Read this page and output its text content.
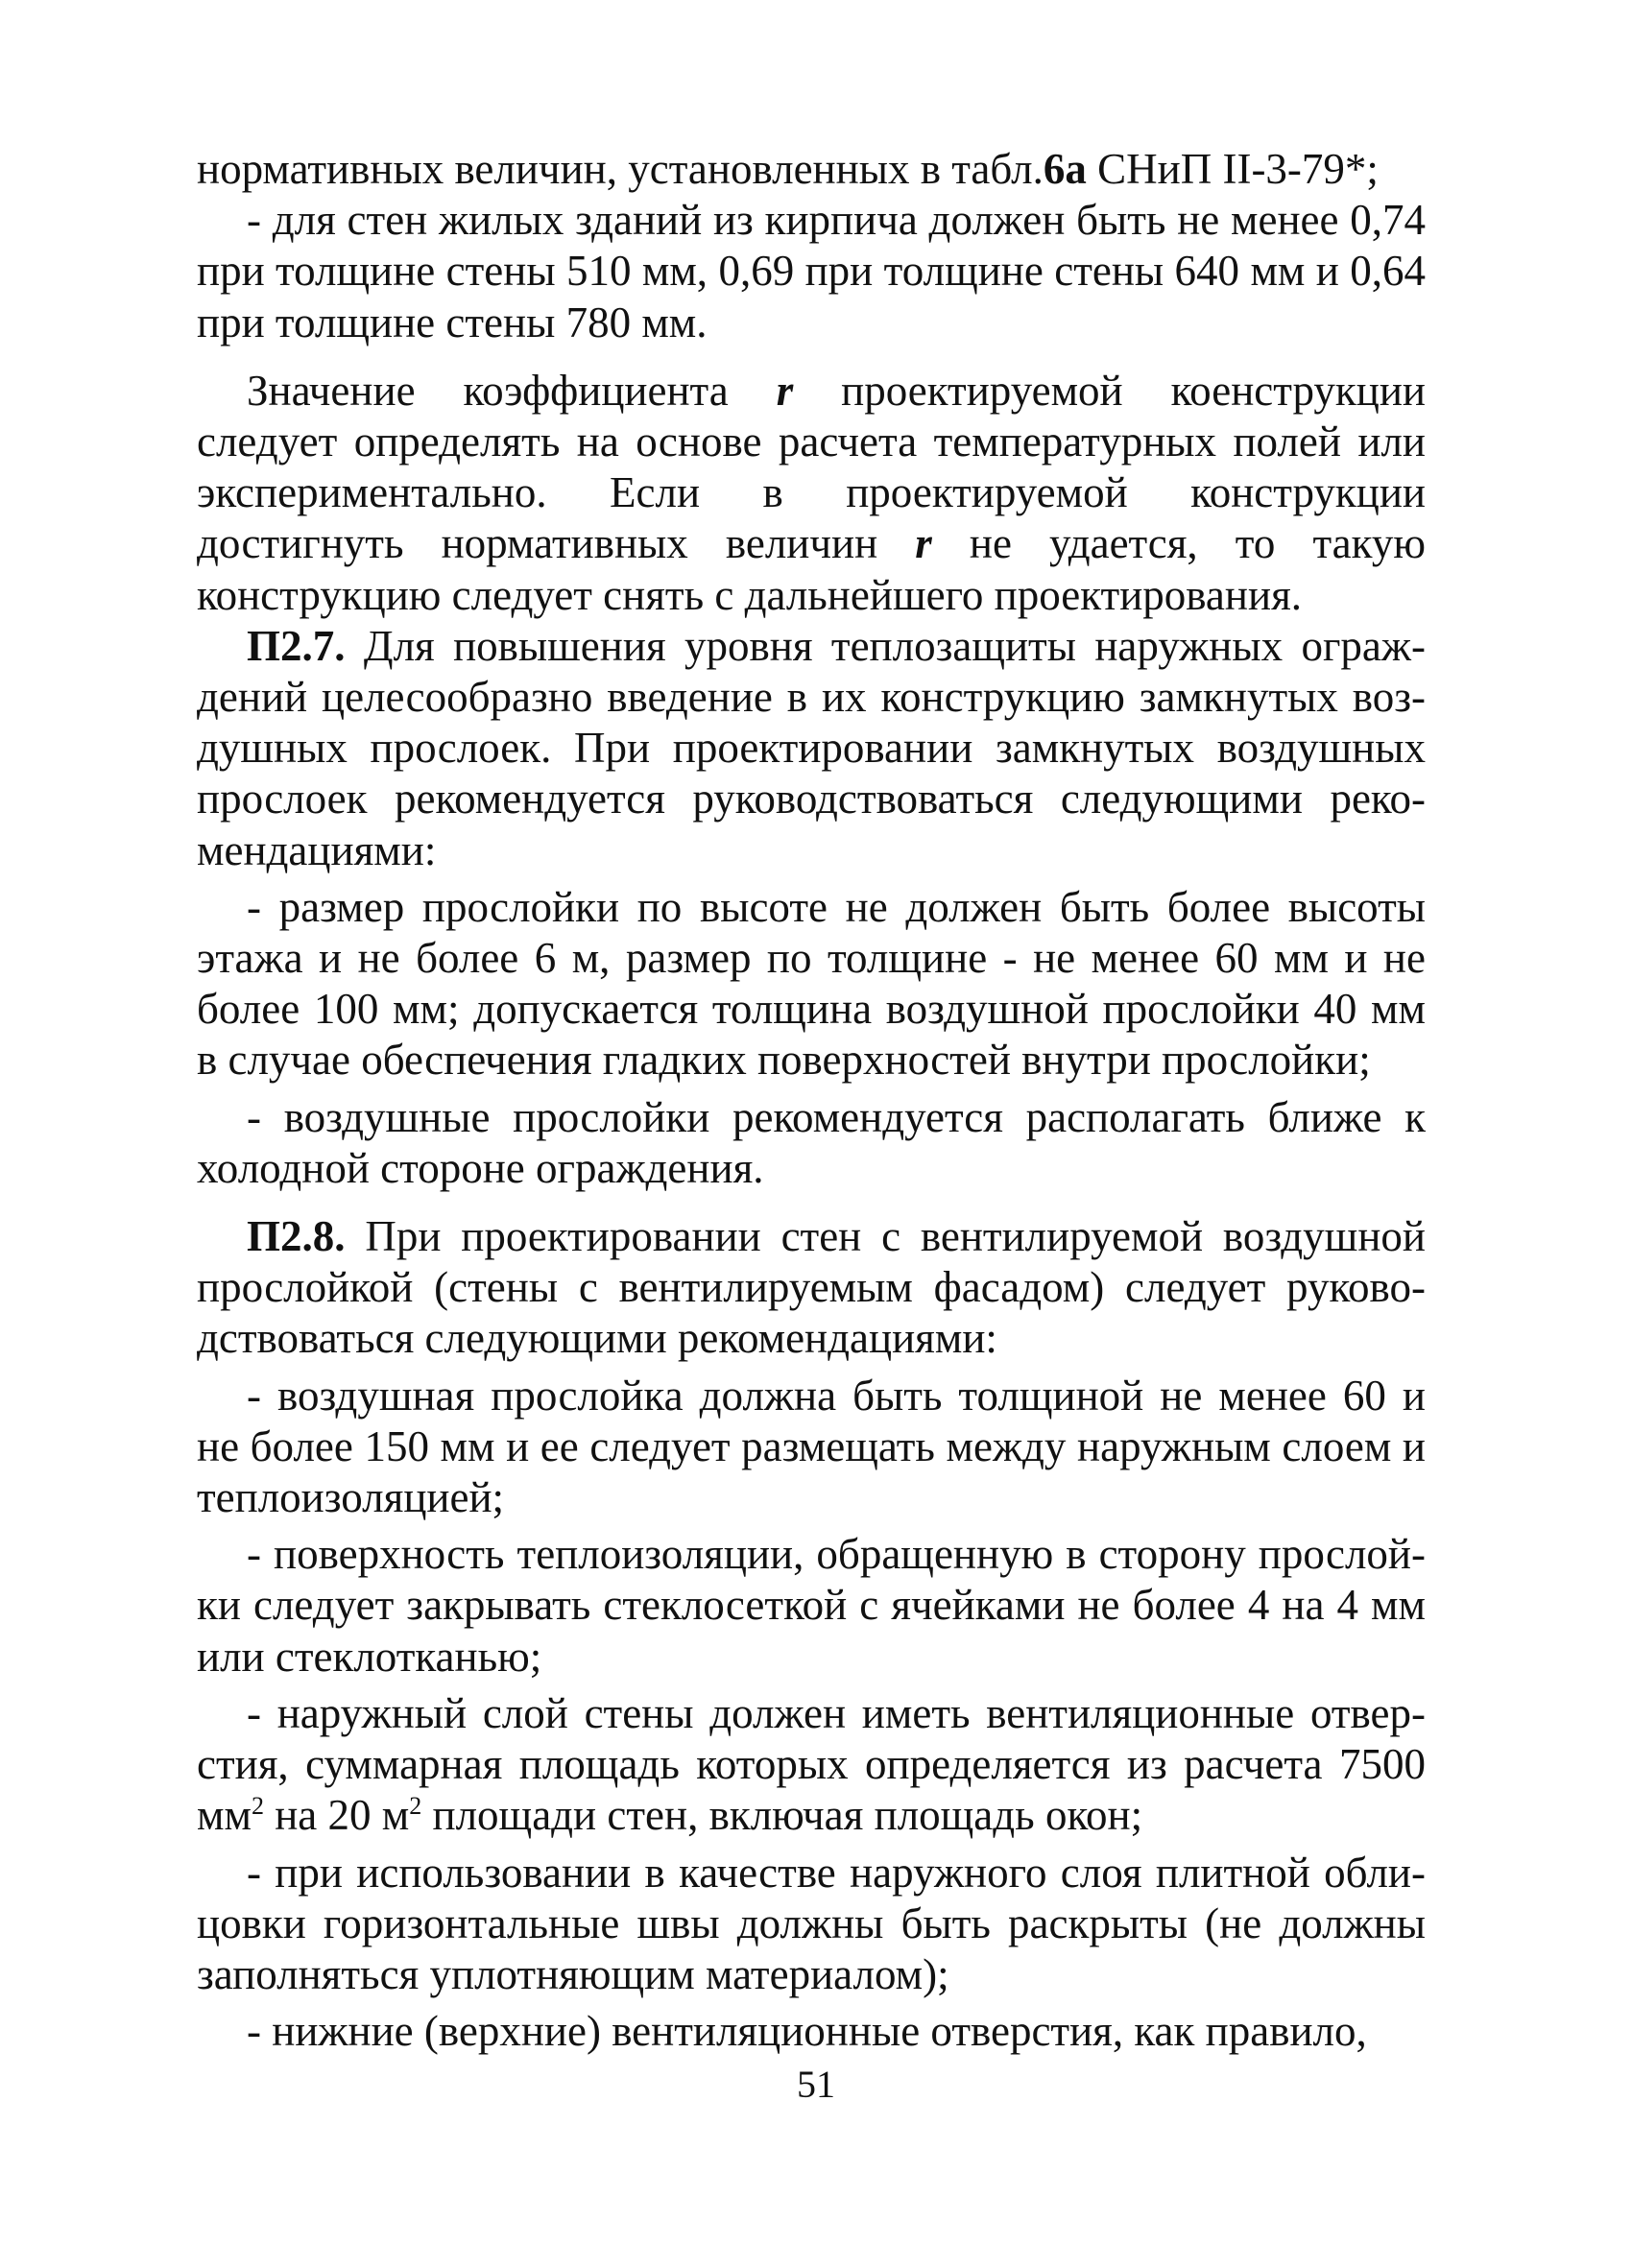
нормативных величин, установленных в табл.6а СНиП II-3-79*;

- для стен жилых зданий из кирпича должен быть не менее 0,74 при толщине стены 510 мм, 0,69 при толщине стены 640 мм и 0,64 при толщине стены 780 мм.

Значение коэффициента r проектируемой коенструкции следует определять на основе расчета температурных полей или экспериментально. Если в проектируемой конструкции достигнуть нормативных величин r не удается, то такую конструкцию следует снять с дальнейшего проектирования.

П2.7. Для повышения уровня теплозащиты наружных ограждений целесообразно введение в их конструкцию замкнутых воздушных прослоек. При проектировании замкнутых воздушных прослоек рекомендуется руководствоваться следующими рекомендациями:

- размер прослойки по высоте не должен быть более высоты этажа и не более 6 м, размер по толщине - не менее 60 мм и не более 100 мм; допускается толщина воздушной прослойки 40 мм в случае обеспечения гладких поверхностей внутри прослойки;

- воздушные прослойки рекомендуется располагать ближе к холодной стороне ограждения.

П2.8. При проектировании стен с вентилируемой воздушной прослойкой (стены с вентилируемым фасадом) следует руководствоваться следующими рекомендациями:

- воздушная прослойка должна быть толщиной не менее 60 и не более 150 мм и ее следует размещать между наружным слоем и теплоизоляцией;

- поверхность теплоизоляции, обращенную в сторону прослойки следует закрывать стеклосеткой с ячейками не более 4 на 4 мм или стеклотканью;

- наружный слой стены должен иметь вентиляционные отверстия, суммарная площадь которых определяется из расчета 7500 $мм^2$ на 20 $м^2$ площади стен, включая площадь окон;

- при использовании в качестве наружного слоя плитной облицовки горизонтальные швы должны быть раскрыты (не должны заполняться уплотняющим материалом);

- нижние (верхние) вентиляционные отверстия, как правило,

51
